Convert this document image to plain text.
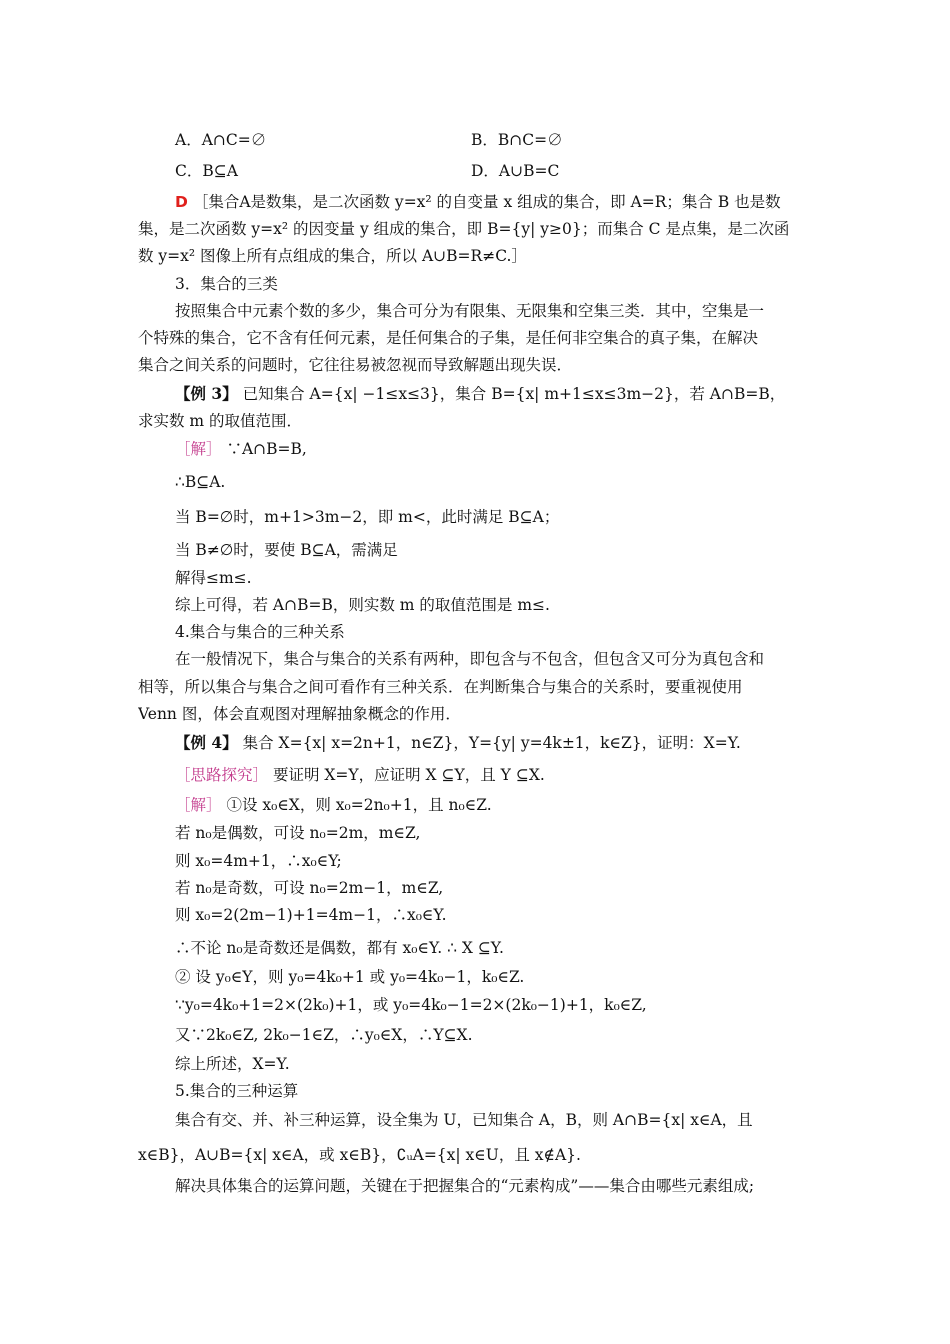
A．A∩C=∅	B．B∩C=∅
C．B⊆A	D．A∪B=C
D ［集合A是数集，是二次函数 y=x² 的自变量 x 组成的集合，即 A=R；集合 B 也是数
集，是二次函数 y=x² 的因变量 y 组成的集合，即 B={y| y≥0}；而集合 C 是点集，是二次函
数 y=x² 图像上所有点组成的集合，所以 A∪B=R≠C.］
3．集合的三类
按照集合中元素个数的多少，集合可分为有限集、无限集和空集三类．其中，空集是一
个特殊的集合，它不含有任何元素，是任何集合的子集，是任何非空集合的真子集，在解决
集合之间关系的问题时，它往往易被忽视而导致解题出现失误．
【例 3】 已知集合 A={x| −1≤x≤3}，集合 B={x| m+1≤x≤3m−2}，若 A∩B=B，
求实数 m 的取值范围．
［解］ ∵A∩B=B,
∴B⊆A.
当 B=∅时，m+1>3m−2，即 m<，此时满足 B⊆A；
当 B≠∅时，要使 B⊆A，需满足
解得≤m≤.
综上可得，若 A∩B=B，则实数 m 的取值范围是 m≤.
4.集合与集合的三种关系
在一般情况下，集合与集合的关系有两种，即包含与不包含，但包含又可分为真包含和
相等，所以集合与集合之间可看作有三种关系．在判断集合与集合的关系时，要重视使用
Venn 图，体会直观图对理解抽象概念的作用．
【例 4】 集合 X={x| x=2n+1，n∈Z}，Y={y| y=4k±1，k∈Z}，证明：X=Y.
［思路探究］ 要证明 X=Y，应证明 X ⊆Y，且 Y ⊆X.
［解］ ①设 x₀∈X，则 x₀=2n₀+1，且 n₀∈Z.
若 n₀是偶数，可设 n₀=2m，m∈Z,
则 x₀=4m+1，∴x₀∈Y;
若 n₀是奇数，可设 n₀=2m−1，m∈Z,
则 x₀=2(2m−1)+1=4m−1，∴x₀∈Y.
∴不论 n₀是奇数还是偶数，都有 x₀∈Y. ∴ X ⊆Y.
② 设 y₀∈Y，则 y₀=4k₀+1 或 y₀=4k₀−1，k₀∈Z.
∵y₀=4k₀+1=2×(2k₀)+1，或 y₀=4k₀−1=2×(2k₀−1)+1，k₀∈Z,
又∵2k₀∈Z, 2k₀−1∈Z，∴y₀∈X，∴Y⊆X.
综上所述，X=Y.
5.集合的三种运算
集合有交、并、补三种运算，设全集为 U，已知集合 A，B，则 A∩B={x| x∈A，且
x∈B}，A∪B={x| x∈A，或 x∈B}，∁ᵤA={x| x∈U，且 x∉A}.
解决具体集合的运算问题，关键在于把握集合的“元素构成”——集合由哪些元素组成;
